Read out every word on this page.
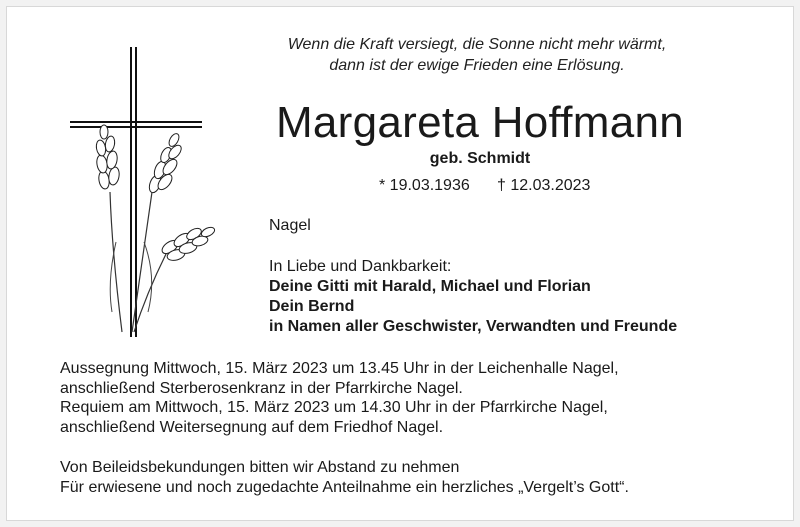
Wenn die Kraft versiegt, die Sonne nicht mehr wärmt,
dann ist der ewige Frieden eine Erlösung.
Margareta Hoffmann
geb. Schmidt
* 19.03.1936 † 12.03.2023
Nagel
In Liebe und Dankbarkeit:
Deine Gitti mit Harald, Michael und Florian
Dein Bernd
in Namen aller Geschwister, Verwandten und Freunde
Aussegnung Mittwoch, 15. März 2023 um 13.45 Uhr in der Leichenhalle Nagel,
anschließend Sterberosenkranz in der Pfarrkirche Nagel.
Requiem am Mittwoch, 15. März 2023 um 14.30 Uhr in der Pfarrkirche Nagel,
anschließend Weitersegnung auf dem Friedhof Nagel.
Von Beileidsbekundungen bitten wir Abstand zu nehmen
Für erwiesene und noch zugedachte Anteilnahme ein herzliches „Vergelt’s Gott“.
